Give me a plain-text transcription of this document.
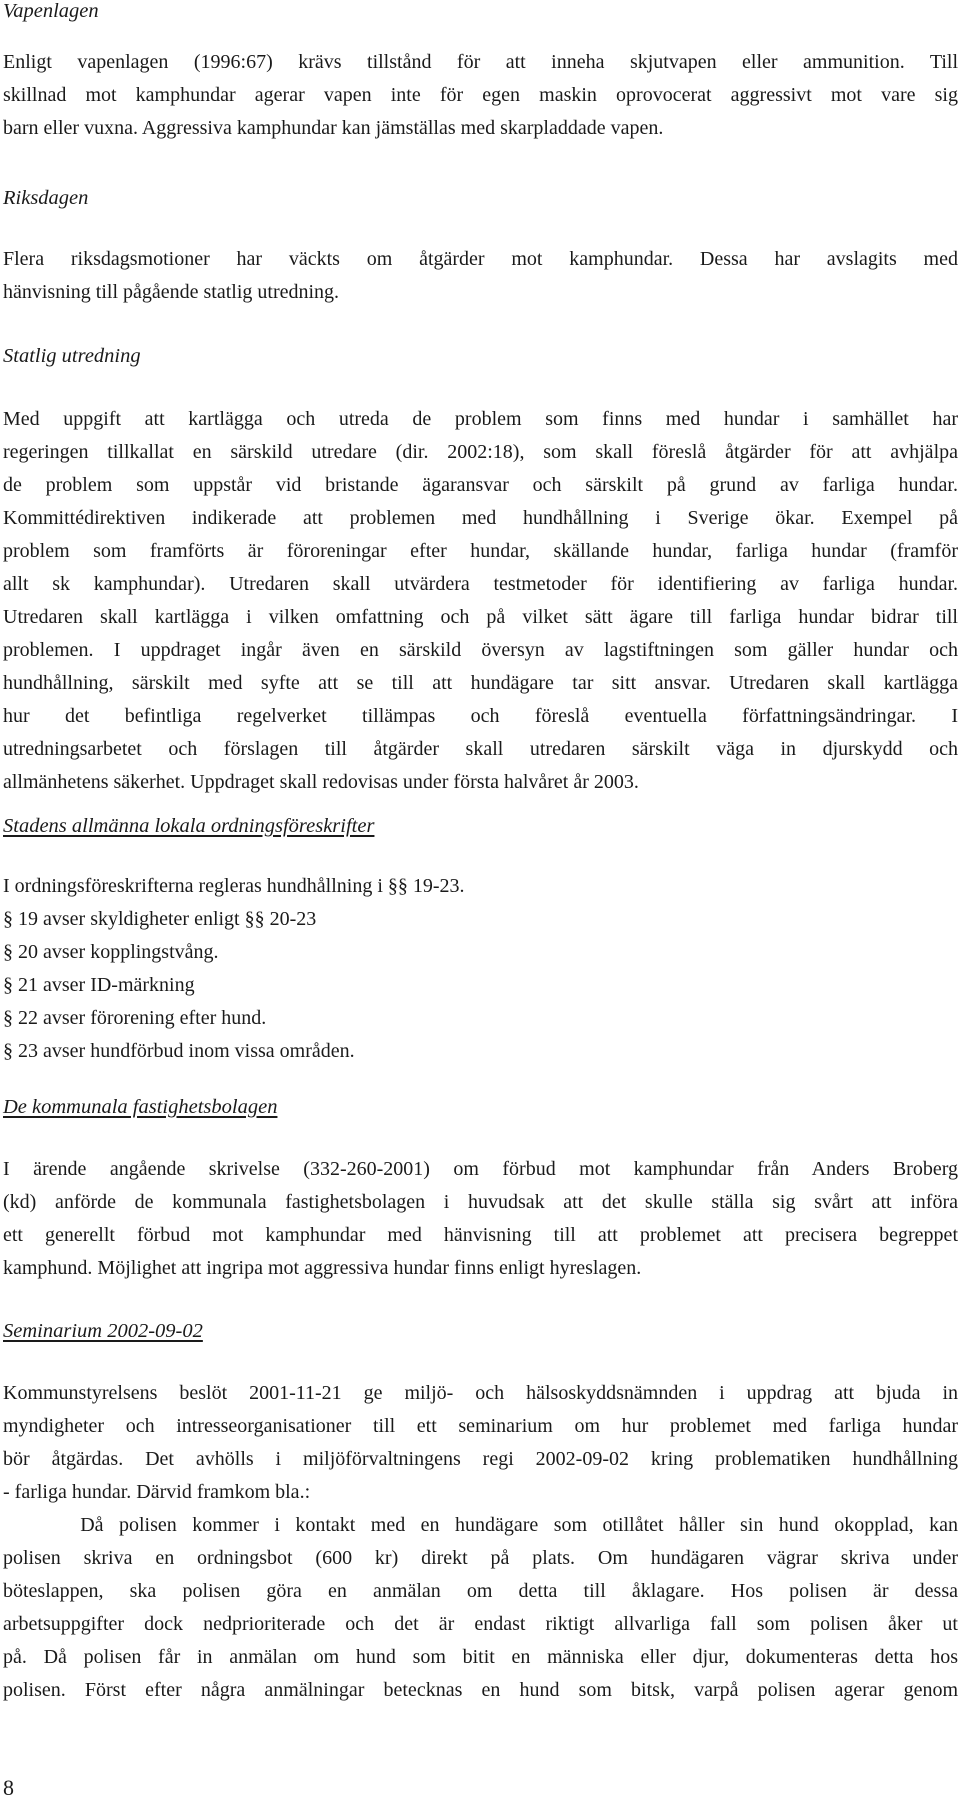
Vapenlagen
Enligt vapenlagen (1996:67) krävs tillstånd för att inneha skjutvapen eller ammunition. Till
skillnad mot kamphundar agerar vapen inte för egen maskin oprovocerat aggressivt mot vare sig
barn eller vuxna. Aggressiva kamphundar kan jämställas med skarpladdade vapen.
Riksdagen
Flera riksdagsmotioner har väckts om åtgärder mot kamphundar. Dessa har avslagits med
hänvisning till pågående statlig utredning.
Statlig utredning
Med uppgift att kartlägga och utreda de problem som finns med hundar i samhället har
regeringen tillkallat en särskild utredare (dir. 2002:18), som skall föreslå åtgärder för att avhjälpa
de problem som uppstår vid bristande ägaransvar och särskilt på grund av farliga hundar.
Kommittédirektiven indikerade att problemen med hundhållning i Sverige ökar. Exempel på
problem som framförts är föroreningar efter hundar, skällande hundar, farliga hundar (framför
allt sk kamphundar). Utredaren skall utvärdera testmetoder för identifiering av farliga hundar.
Utredaren skall kartlägga i vilken omfattning och på vilket sätt ägare till farliga hundar bidrar till
problemen. I uppdraget ingår även en särskild översyn av lagstiftningen som gäller hundar och
hundhållning, särskilt med syfte att se till att hundägare tar sitt ansvar. Utredaren skall kartlägga
hur det befintliga regelverket tillämpas och föreslå eventuella författningsändringar. I
utredningsarbetet och förslagen till åtgärder skall utredaren särskilt väga in djurskydd och
allmänhetens säkerhet. Uppdraget skall redovisas under första halvåret år 2003.
Stadens allmänna lokala ordningsföreskrifter
I ordningsföreskrifterna regleras hundhållning i §§ 19-23.
§ 19 avser skyldigheter enligt §§ 20-23
§ 20 avser kopplingstvång.
§ 21 avser ID-märkning
§ 22 avser förorening efter hund.
§ 23 avser hundförbud inom vissa områden.
De kommunala fastighetsbolagen
I ärende angående skrivelse (332-260-2001) om förbud mot kamphundar från Anders Broberg
(kd) anförde de kommunala fastighetsbolagen i huvudsak att det skulle ställa sig svårt att införa
ett generellt förbud mot kamphundar med hänvisning till att problemet att precisera begreppet
kamphund. Möjlighet att ingripa mot aggressiva hundar finns enligt hyreslagen.
Seminarium 2002-09-02
Kommunstyrelsens beslöt 2001-11-21 ge miljö- och hälsoskyddsnämnden i uppdrag att bjuda in
myndigheter och intresseorganisationer till ett seminarium om hur problemet med farliga hundar
bör åtgärdas. Det avhölls i miljöförvaltningens regi 2002-09-02 kring problematiken hundhållning
- farliga hundar. Därvid framkom bla.:
Då polisen kommer i kontakt med en hundägare som otillåtet håller sin hund okopplad, kan
polisen skriva en ordningsbot (600 kr) direkt på plats. Om hundägaren vägrar skriva under
böteslappen, ska polisen göra en anmälan om detta till åklagare. Hos polisen är dessa
arbetsuppgifter dock nedprioriterade och det är endast riktigt allvarliga fall som polisen åker ut
på. Då polisen får in anmälan om hund som bitit en människa eller djur, dokumenteras detta hos
polisen. Först efter några anmälningar betecknas en hund som bitsk, varpå polisen agerar genom
8
